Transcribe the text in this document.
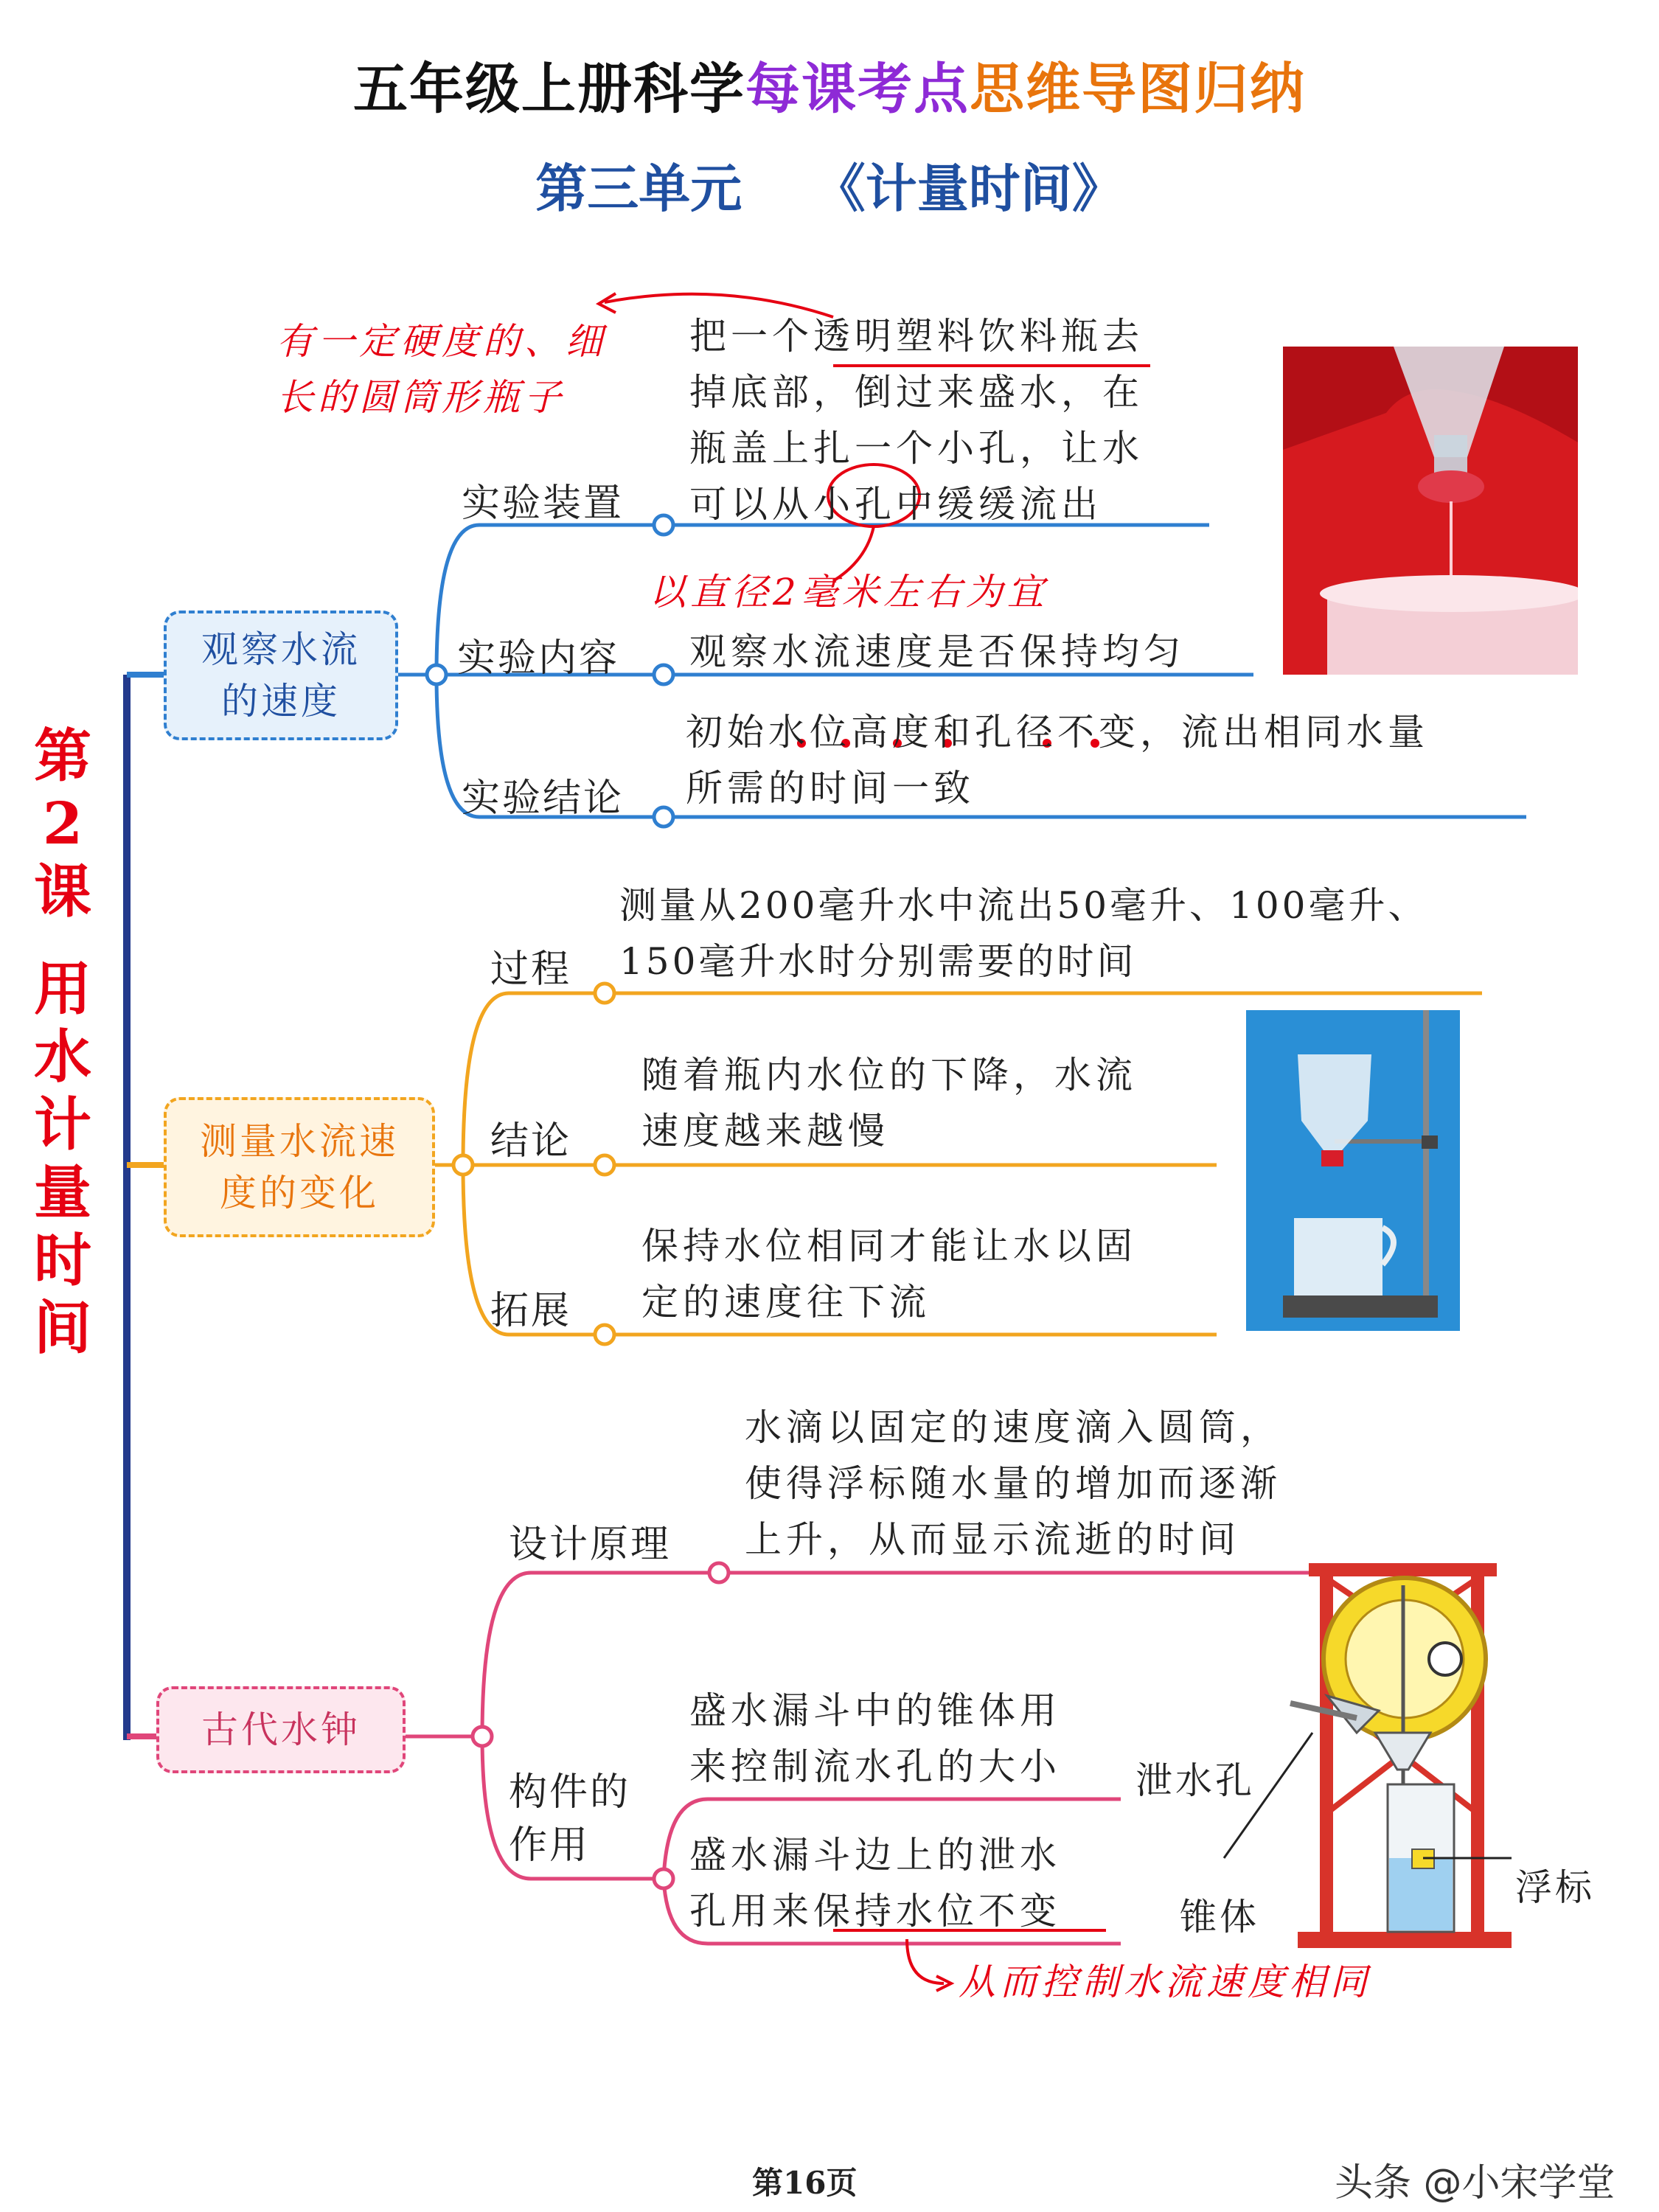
五年级上册科学每课考点思维导图归纳
第三单元    《计量时间》
第
2
课
用
水
计
量
时
间
观察水流的速度
实验装置
实验内容
实验结论
把一个透明塑料饮料瓶去
掉底部，倒过来盛水，在
瓶盖上扎一个小孔，让水
可以从小孔中缓缓流出
观察水流速度是否保持均匀
初始水位高度和孔径不变，流出相同水量
所需的时间一致
有一定硬度的、细
长的圆筒形瓶子
以直径2毫米左右为宜
测量水流速度的变化
过程
结论
拓展
测量从200毫升水中流出50毫升、100毫升、
150毫升水时分别需要的时间
随着瓶内水位的下降，水流
速度越来越慢
保持水位相同才能让水以固
定的速度往下流
古代水钟
设计原理
构件的
作用
水滴以固定的速度滴入圆筒，
使得浮标随水量的增加而逐渐
上升，从而显示流逝的时间
盛水漏斗中的锥体用
来控制流水孔的大小
盛水漏斗边上的泄水
孔用来保持水位不变
从而控制水流速度相同
泄水孔
浮标
锥体
第16页	头条 @小宋学堂
